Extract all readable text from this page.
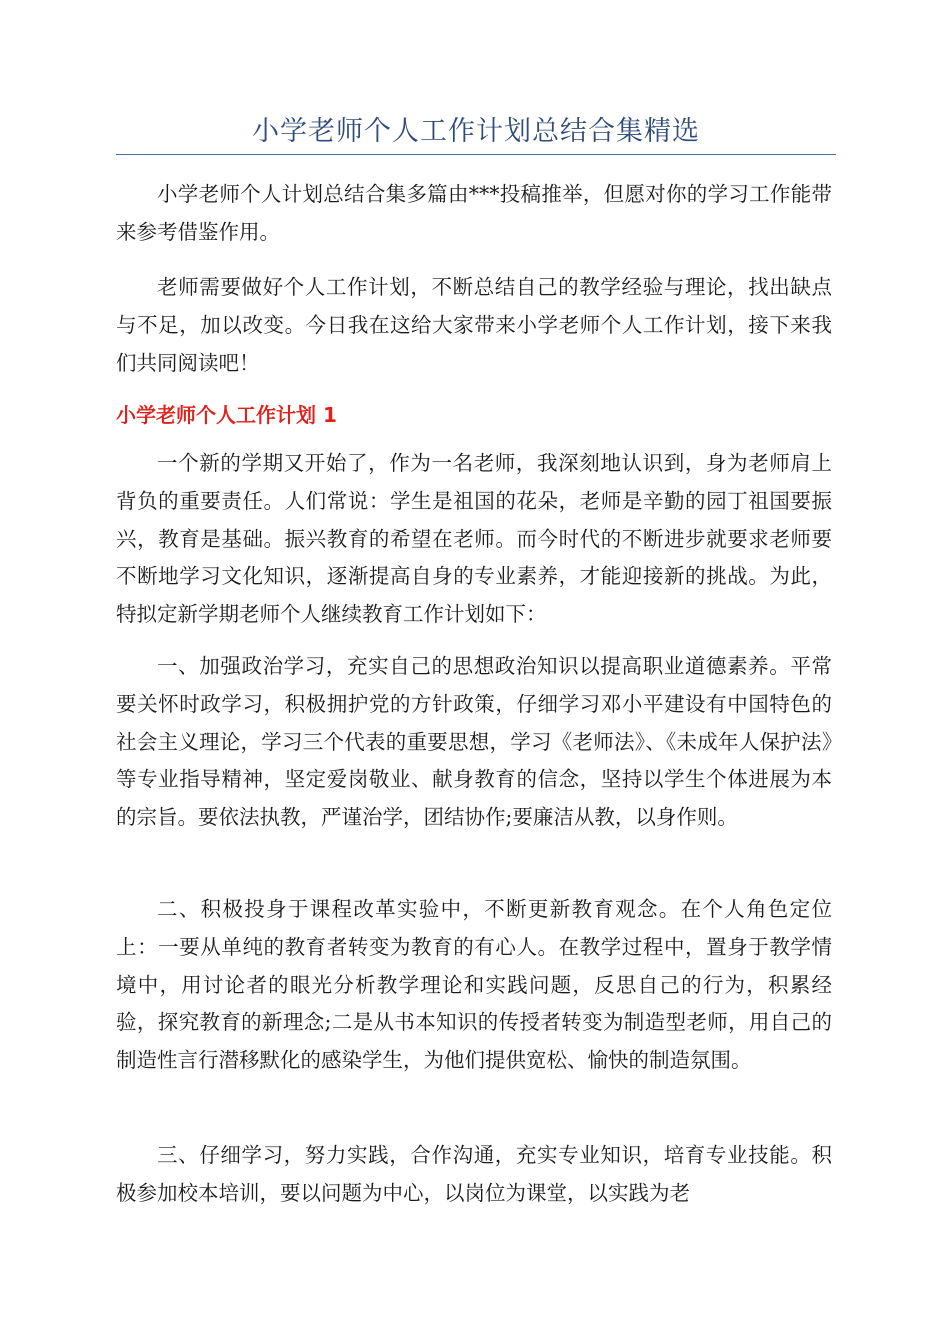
小学老师个人工作计划总结合集精选

小学老师个人计划总结合集多篇由***投稿推举，但愿对你的学习工作能带来参考借鉴作用。

老师需要做好个人工作计划，不断总结自己的教学经验与理论，找出缺点与不足，加以改变。今日我在这给大家带来小学老师个人工作计划，接下来我们共同阅读吧！

小学老师个人工作计划 1

一个新的学期又开始了，作为一名老师，我深刻地认识到，身为老师肩上背负的重要责任。人们常说：学生是祖国的花朵，老师是辛勤的园丁祖国要振兴，教育是基础。振兴教育的希望在老师。而今时代的不断进步就要求老师要不断地学习文化知识，逐渐提高自身的专业素养，才能迎接新的挑战。为此，特拟定新学期老师个人继续教育工作计划如下：

一、加强政治学习，充实自己的思想政治知识以提高职业道德素养。平常要关怀时政学习，积极拥护党的方针政策，仔细学习邓小平建设有中国特色的社会主义理论，学习三个代表的重要思想，学习《老师法》、《未成年人保护法》等专业指导精神，坚定爱岗敬业、献身教育的信念，坚持以学生个体进展为本的宗旨。要依法执教，严谨治学，团结协作;要廉洁从教，以身作则。

二、积极投身于课程改革实验中，不断更新教育观念。在个人角色定位上：一要从单纯的教育者转变为教育的有心人。在教学过程中，置身于教学情境中，用讨论者的眼光分析教学理论和实践问题，反思自己的行为，积累经验，探究教育的新理念;二是从书本知识的传授者转变为制造型老师，用自己的制造性言行潜移默化的感染学生，为他们提供宽松、愉快的制造氛围。

三、仔细学习，努力实践，合作沟通，充实专业知识，培育专业技能。积极参加校本培训，要以问题为中心，以岗位为课堂，以实践为老
